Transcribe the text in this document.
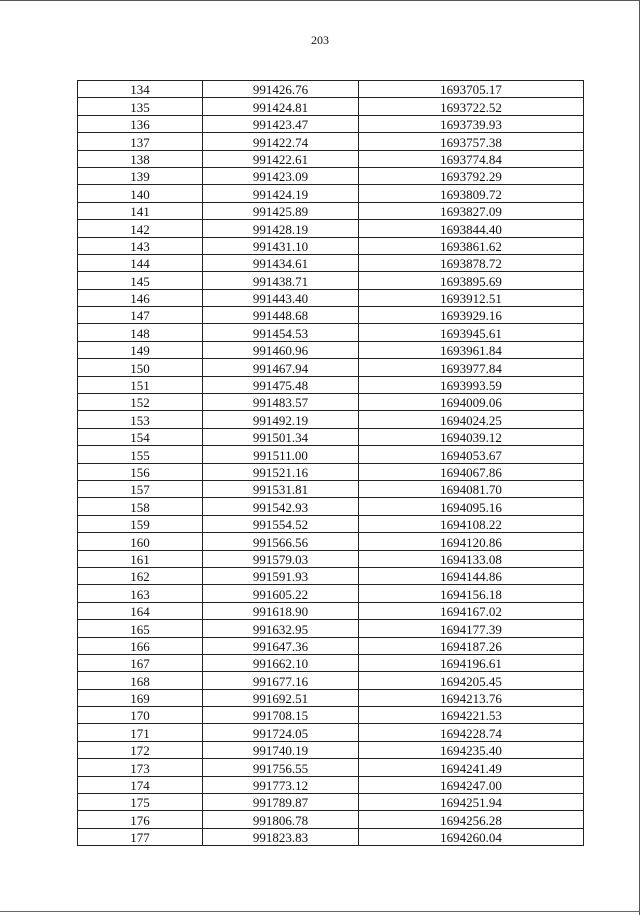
203
134	991426.76	1693705.17
135	991424.81	1693722.52
136	991423.47	1693739.93
137	991422.74	1693757.38
138	991422.61	1693774.84
139	991423.09	1693792.29
140	991424.19	1693809.72
141	991425.89	1693827.09
142	991428.19	1693844.40
143	991431.10	1693861.62
144	991434.61	1693878.72
145	991438.71	1693895.69
146	991443.40	1693912.51
147	991448.68	1693929.16
148	991454.53	1693945.61
149	991460.96	1693961.84
150	991467.94	1693977.84
151	991475.48	1693993.59
152	991483.57	1694009.06
153	991492.19	1694024.25
154	991501.34	1694039.12
155	991511.00	1694053.67
156	991521.16	1694067.86
157	991531.81	1694081.70
158	991542.93	1694095.16
159	991554.52	1694108.22
160	991566.56	1694120.86
161	991579.03	1694133.08
162	991591.93	1694144.86
163	991605.22	1694156.18
164	991618.90	1694167.02
165	991632.95	1694177.39
166	991647.36	1694187.26
167	991662.10	1694196.61
168	991677.16	1694205.45
169	991692.51	1694213.76
170	991708.15	1694221.53
171	991724.05	1694228.74
172	991740.19	1694235.40
173	991756.55	1694241.49
174	991773.12	1694247.00
175	991789.87	1694251.94
176	991806.78	1694256.28
177	991823.83	1694260.04
